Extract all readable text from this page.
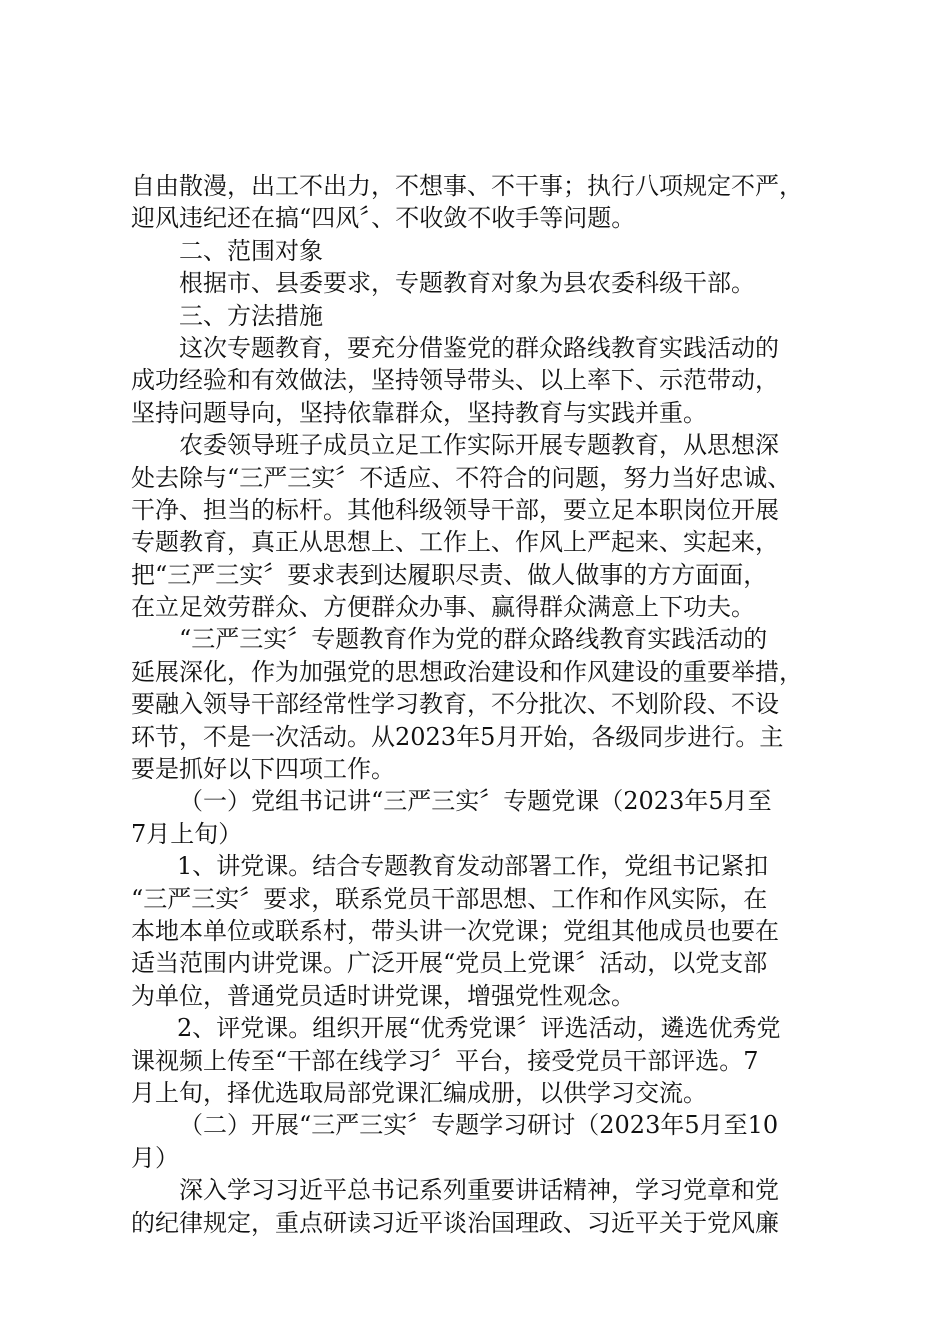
自由散漫，出工不出力，不想事、不干事；执行八项规定不严，
迎风违纪还在搞“四风〞、不收敛不收手等问题。
二、范围对象
根据市、县委要求，专题教育对象为县农委科级干部。
三、方法措施
这次专题教育，要充分借鉴党的群众路线教育实践活动的
成功经验和有效做法，坚持领导带头、以上率下、示范带动，
坚持问题导向，坚持依靠群众，坚持教育与实践并重。
农委领导班子成员立足工作实际开展专题教育，从思想深
处去除与“三严三实〞不适应、不符合的问题，努力当好忠诚、
干净、担当的标杆。其他科级领导干部，要立足本职岗位开展
专题教育，真正从思想上、工作上、作风上严起来、实起来，
把“三严三实〞要求表到达履职尽责、做人做事的方方面面，
在立足效劳群众、方便群众办事、赢得群众满意上下功夫。
“三严三实〞专题教育作为党的群众路线教育实践活动的
延展深化，作为加强党的思想政治建设和作风建设的重要举措，
要融入领导干部经常性学习教育，不分批次、不划阶段、不设
环节，不是一次活动。从2023年5月开始，各级同步进行。主
要是抓好以下四项工作。
（一）党组书记讲“三严三实〞专题党课（2023年5月至
7月上旬）
1、讲党课。结合专题教育发动部署工作，党组书记紧扣
“三严三实〞要求，联系党员干部思想、工作和作风实际，在
本地本单位或联系村，带头讲一次党课；党组其他成员也要在
适当范围内讲党课。广泛开展“党员上党课〞活动，以党支部
为单位，普通党员适时讲党课，增强党性观念。
2、评党课。组织开展“优秀党课〞评选活动，遴选优秀党
课视频上传至“干部在线学习〞平台，接受党员干部评选。7
月上旬，择优选取局部党课汇编成册，以供学习交流。
（二）开展“三严三实〞专题学习研讨（2023年5月至10
月）
深入学习习近平总书记系列重要讲话精神，学习党章和党
的纪律规定，重点研读习近平谈治国理政、习近平关于党风廉
